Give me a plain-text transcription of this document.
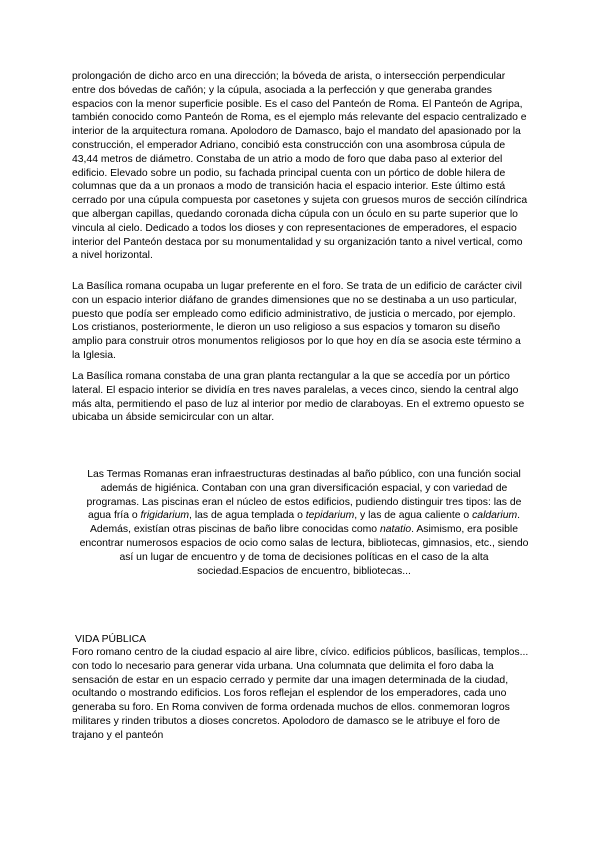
prolongación de dicho arco en una dirección; la bóveda de arista, o intersección perpendicular entre dos bóvedas de cañón; y la cúpula, asociada a la perfección y que generaba grandes espacios con la menor superficie posible. Es el caso del Panteón de Roma. El Panteón de Agripa, también conocido como Panteón de Roma, es el ejemplo más relevante del espacio centralizado e interior de la arquitectura romana. Apolodoro de Damasco, bajo el mandato del apasionado por la construcción, el emperador Adriano, concibió esta construcción con una asombrosa cúpula de 43,44 metros de diámetro. Constaba de un atrio a modo de foro que daba paso al exterior del edificio. Elevado sobre un podio, su fachada principal cuenta con un pórtico de doble hilera de columnas que da a un pronaos a modo de transición hacia el espacio interior. Este último está cerrado por una cúpula compuesta por casetones y sujeta con gruesos muros de sección cilíndrica que albergan capillas, quedando coronada dicha cúpula con un óculo en su parte superior que lo vincula al cielo. Dedicado a todos los dioses y con representaciones de emperadores, el espacio interior del Panteón destaca por su monumentalidad y su organización tanto a nivel vertical, como a nivel horizontal.

La Basílica romana ocupaba un lugar preferente en el foro. Se trata de un edificio de carácter civil con un espacio interior diáfano de grandes dimensiones que no se destinaba a un uso particular, puesto que podía ser empleado como edificio administrativo, de justicia o mercado, por ejemplo. Los cristianos, posteriormente, le dieron un uso religioso a sus espacios y tomaron su diseño amplio para construir otros monumentos religiosos por lo que hoy en día se asocia este término a la Iglesia.

La Basílica romana constaba de una gran planta rectangular a la que se accedía por un pórtico lateral. El espacio interior se dividía en tres naves paralelas, a veces cinco, siendo la central algo más alta, permitiendo el paso de luz al interior por medio de claraboyas. En el extremo opuesto se ubicaba un ábside semicircular con un altar.

Las Termas Romanas eran infraestructuras destinadas al baño público, con una función social además de higiénica. Contaban con una gran diversificación espacial, y con variedad de programas. Las piscinas eran el núcleo de estos edificios, pudiendo distinguir tres tipos: las de agua fría o frigidarium, las de agua templada o tepidarium, y las de agua caliente o caldarium. Además, existían otras piscinas de baño libre conocidas como natatio. Asimismo, era posible encontrar numerosos espacios de ocio como salas de lectura, bibliotecas, gimnasios, etc., siendo así un lugar de encuentro y de toma de decisiones políticas en el caso de la alta sociedad.Espacios de encuentro, bibliotecas...

VIDA PÚBLICA

Foro romano centro de la ciudad espacio al aire libre, cívico. edificios públicos, basílicas, templos... con todo lo necesario para generar vida urbana. Una columnata que delimita el foro daba la sensación de estar en un espacio cerrado y permite dar una imagen determinada de la ciudad, ocultando o mostrando edificios. Los foros reflejan el esplendor de los emperadores, cada uno generaba su foro. En Roma conviven de forma ordenada muchos de ellos. conmemoran logros militares y rinden tributos a dioses concretos. Apolodoro de damasco se le atribuye el foro de trajano y el panteón
